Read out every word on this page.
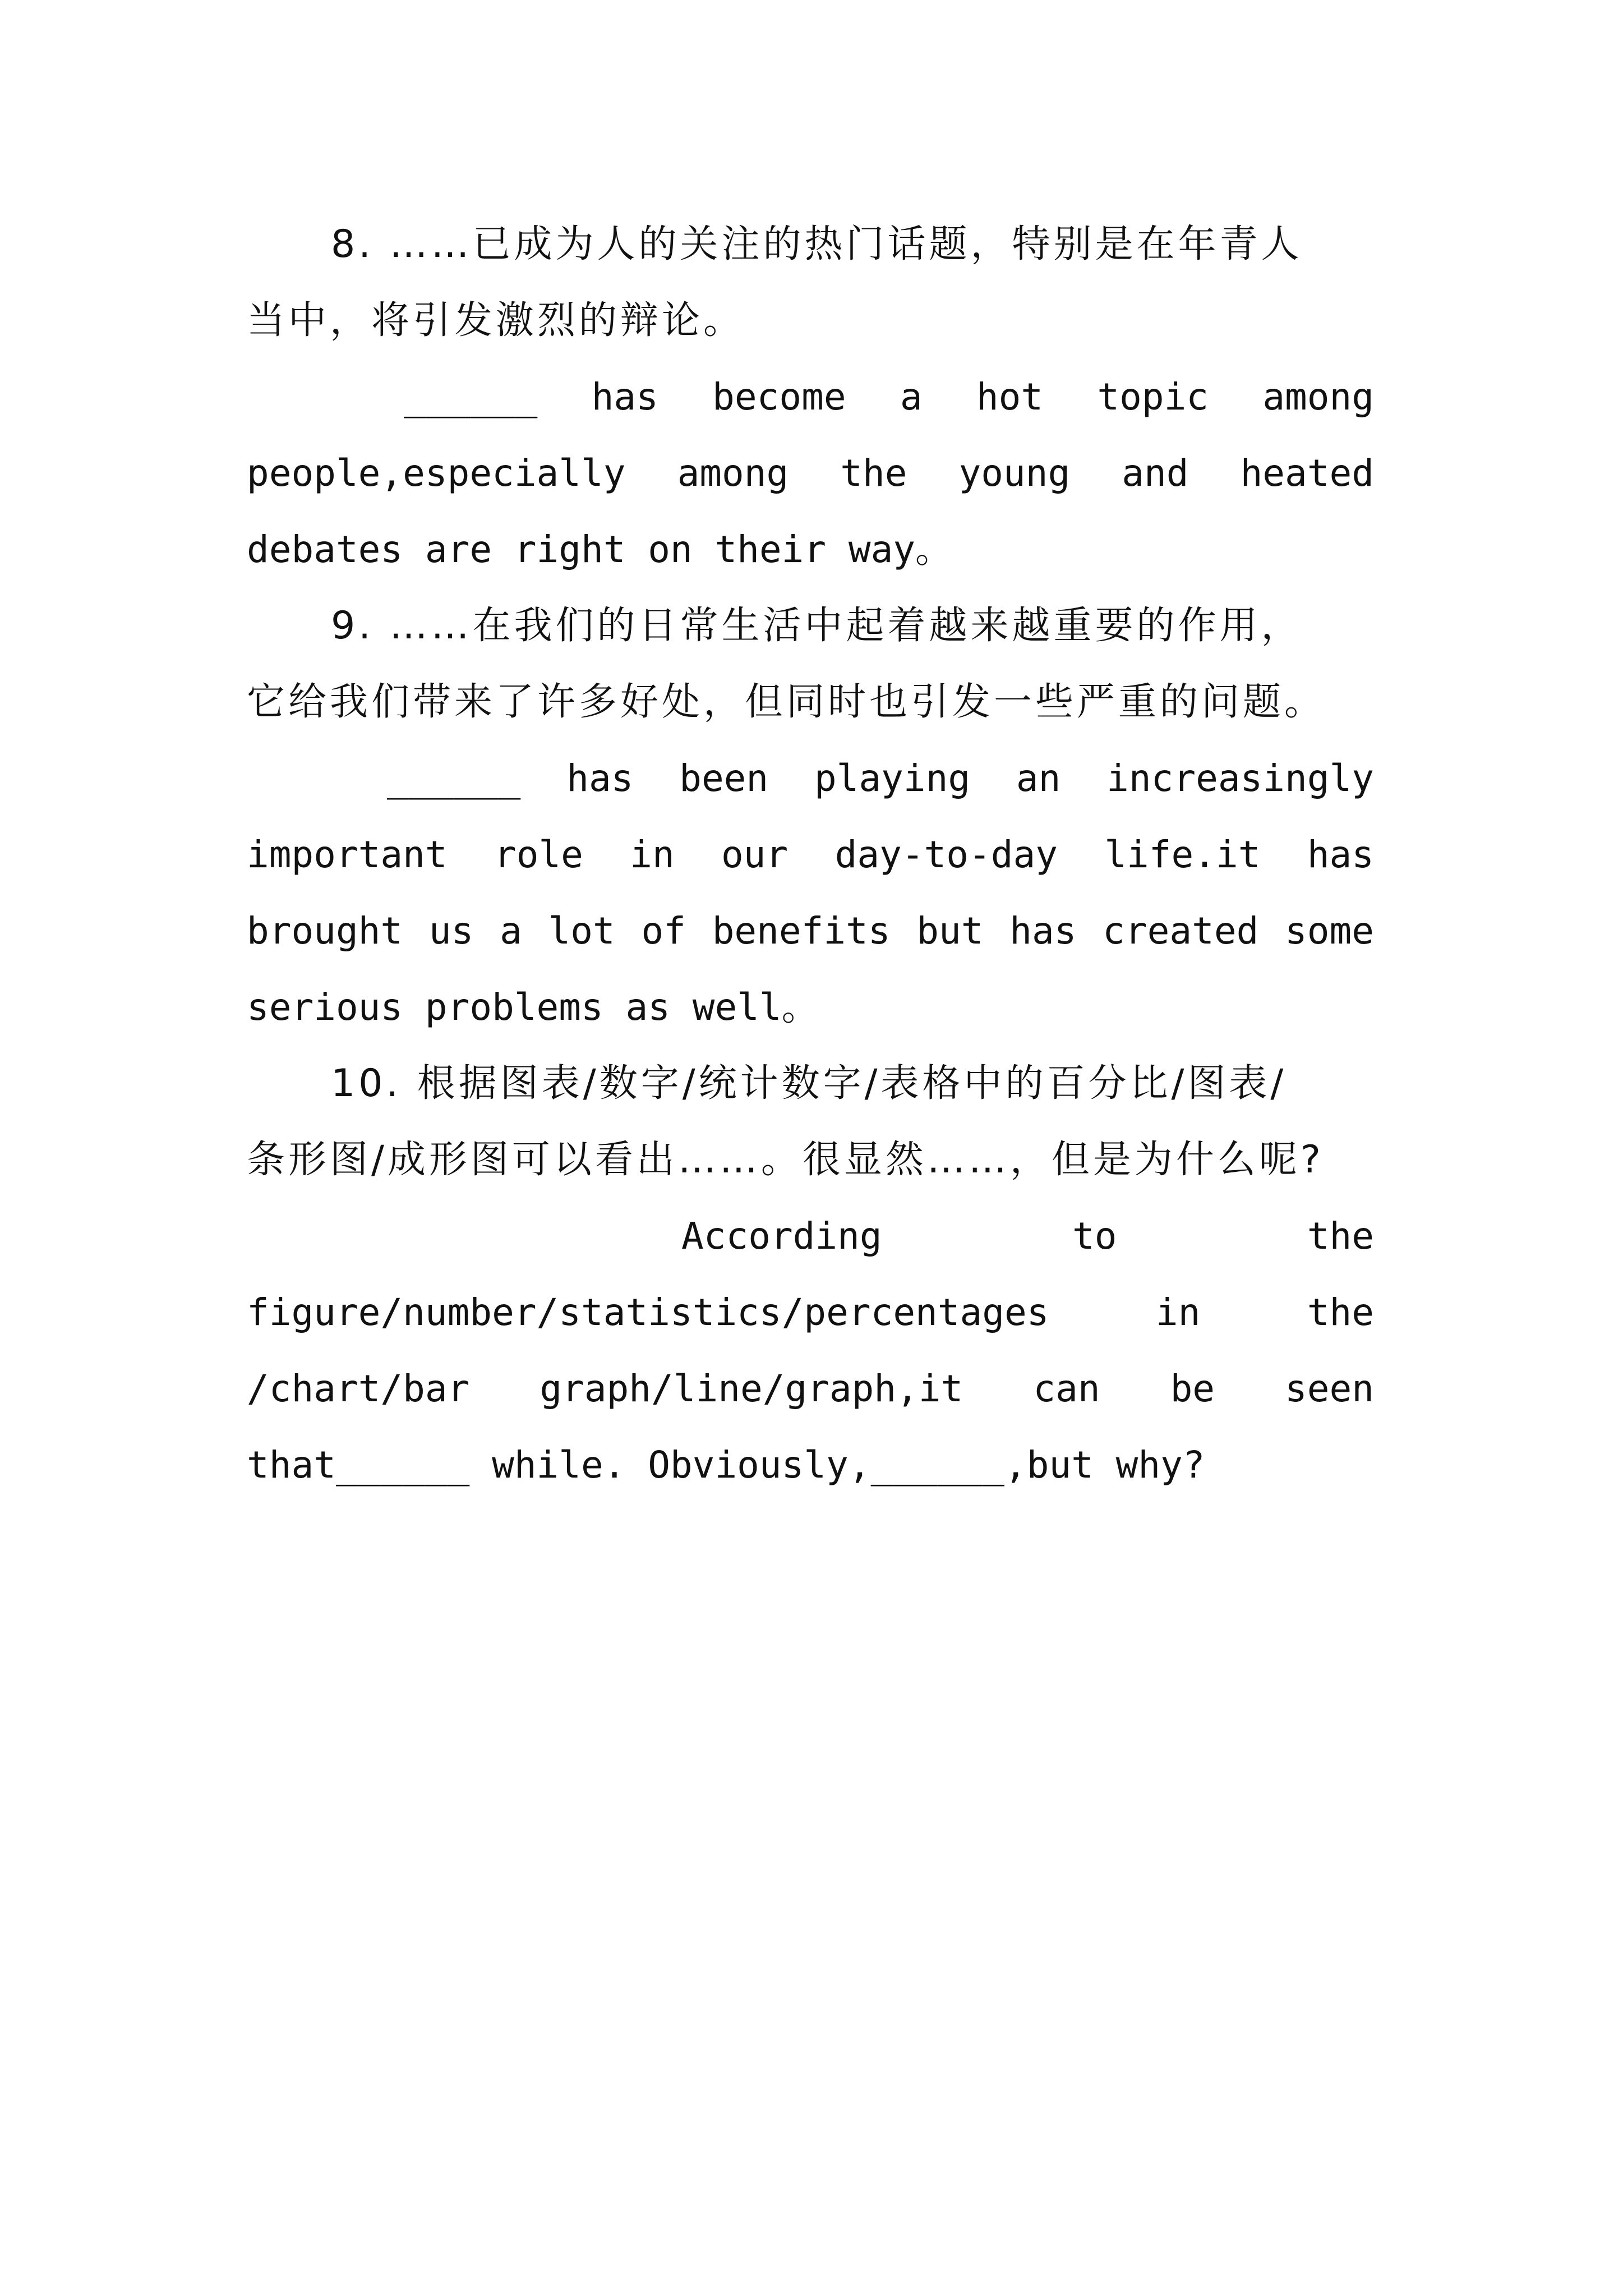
8. ……已成为人的关注的热门话题，特别是在年青人
当中，将引发激烈的辩论。
______ has become a hot topic among
people,especially among the young and heated
debates are right on their way。
9. ……在我们的日常生活中起着越来越重要的作用，
它给我们带来了许多好处，但同时也引发一些严重的问题。
______ has been playing an increasingly
important role in our day-to-day life.it has
brought us a lot of benefits but has created some
serious problems as well。
10. 根据图表/数字/统计数字/表格中的百分比/图表/
条形图/成形图可以看出……。很显然……，但是为什么呢?
According	to	the
figure/number/statistics/percentages	in	the
/chart/bar graph/line/graph,it can be seen
that______ while. Obviously,______,but why?
